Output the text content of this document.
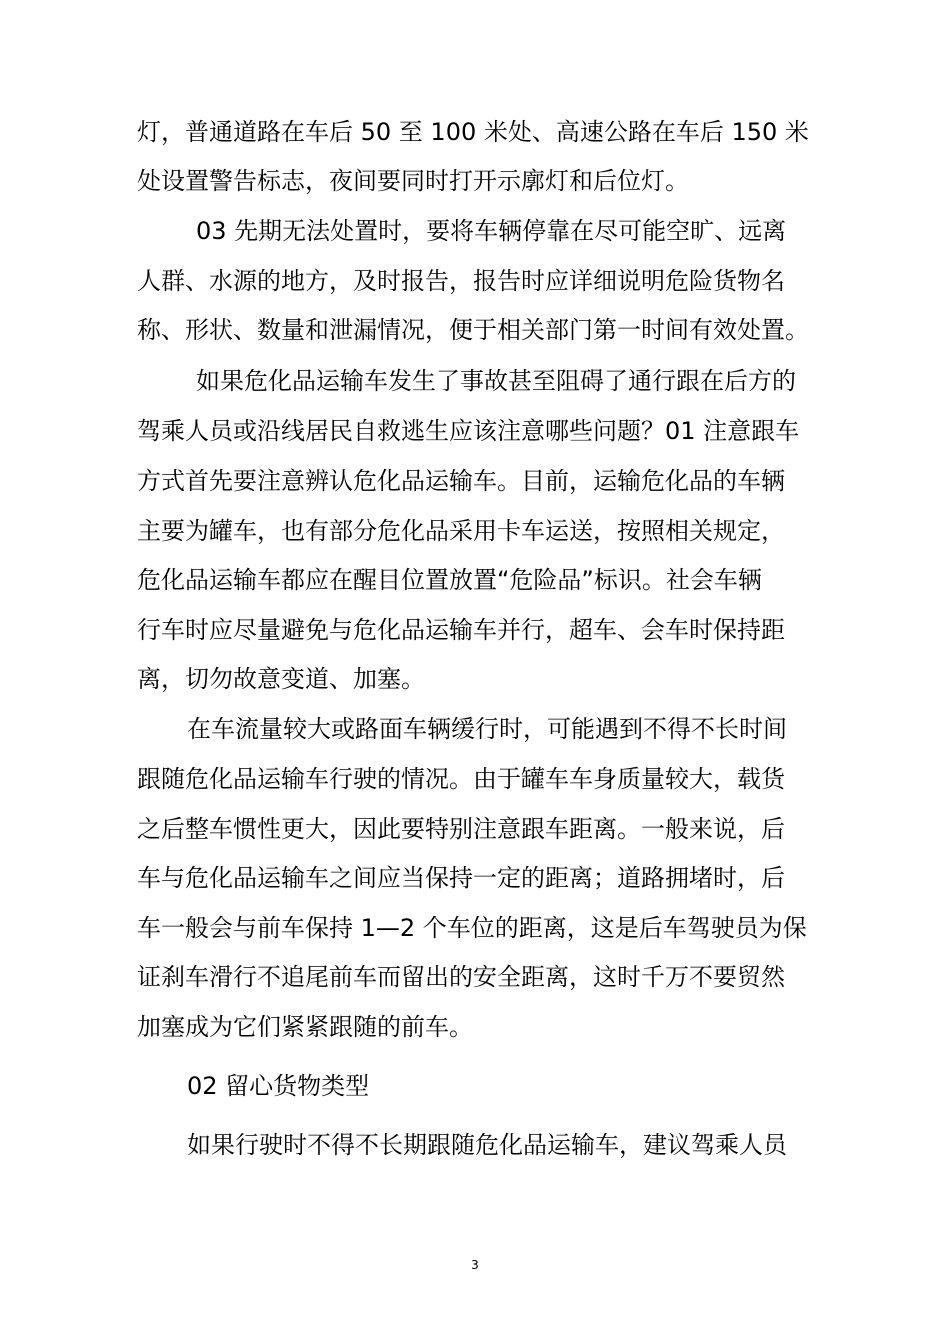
灯，普通道路在车后 50 至 100 米处、高速公路在车后 150 米
处设置警告标志，夜间要同时打开示廓灯和后位灯。
03 先期无法处置时，要将车辆停靠在尽可能空旷、远离
人群、水源的地方，及时报告，报告时应详细说明危险货物名
称、形状、数量和泄漏情况，便于相关部门第一时间有效处置。
如果危化品运输车发生了事故甚至阻碍了通行跟在后方的
驾乘人员或沿线居民自救逃生应该注意哪些问题？01 注意跟车
方式首先要注意辨认危化品运输车。目前，运输危化品的车辆
主要为罐车，也有部分危化品采用卡车运送，按照相关规定，
危化品运输车都应在醒目位置放置“危险品”标识。社会车辆
行车时应尽量避免与危化品运输车并行，超车、会车时保持距
离，切勿故意变道、加塞。
在车流量较大或路面车辆缓行时，可能遇到不得不长时间
跟随危化品运输车行驶的情况。由于罐车车身质量较大，载货
之后整车惯性更大，因此要特别注意跟车距离。一般来说，后
车与危化品运输车之间应当保持一定的距离；道路拥堵时，后
车一般会与前车保持 1—2 个车位的距离，这是后车驾驶员为保
证刹车滑行不追尾前车而留出的安全距离，这时千万不要贸然
加塞成为它们紧紧跟随的前车。
02 留心货物类型
如果行驶时不得不长期跟随危化品运输车，建议驾乘人员
3
